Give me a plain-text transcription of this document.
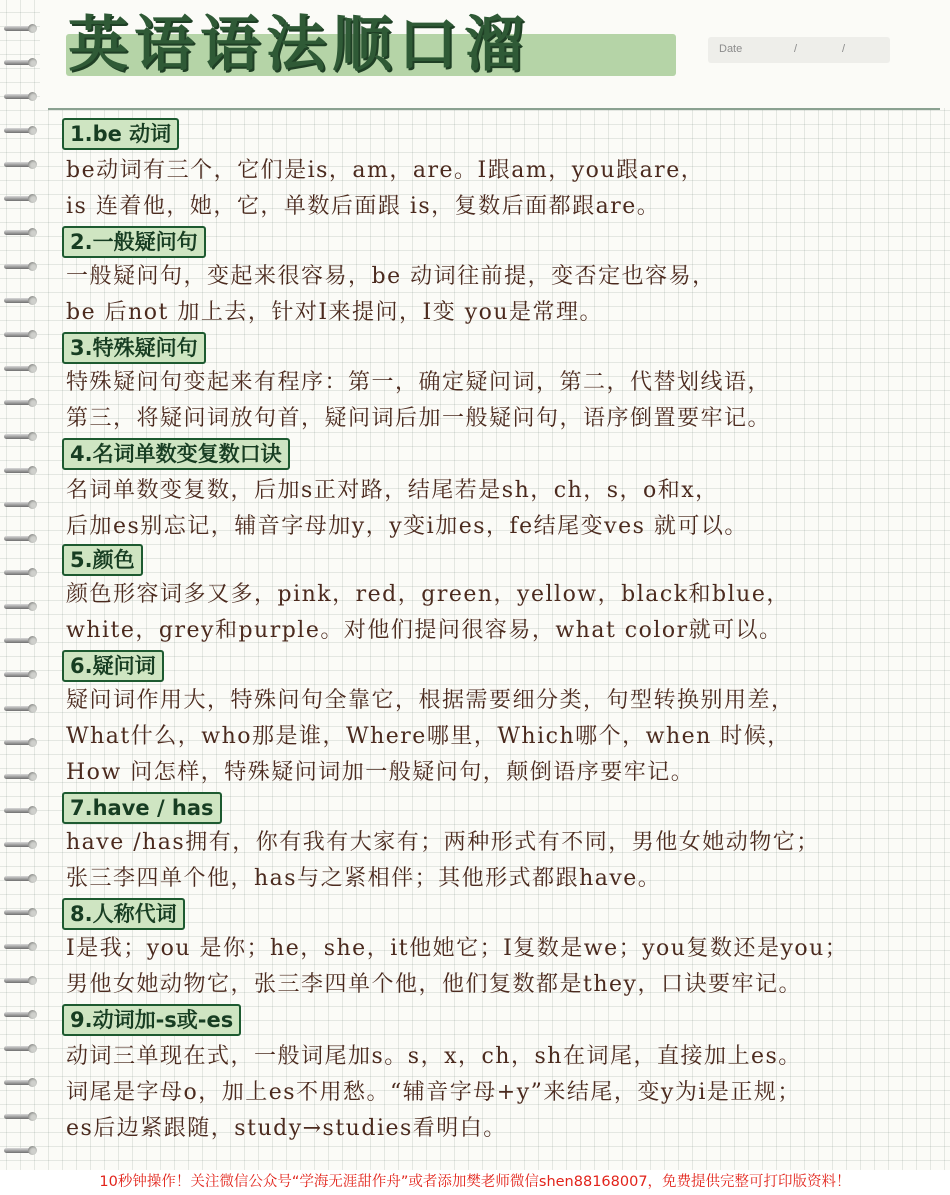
英语语法顺口溜	Date	/	/
1.be 动词
be动词有三个，它们是is，am，are。I跟am，you跟are，
is 连着他，她，它，单数后面跟 is，复数后面都跟are。
2.一般疑问句
一般疑问句，变起来很容易，be 动词往前提，变否定也容易，
be 后not 加上去，针对I来提问，I变 you是常理。
3.特殊疑问句
特殊疑问句变起来有程序：第一，确定疑问词，第二，代替划线语，
第三，将疑问词放句首，疑问词后加一般疑问句，语序倒置要牢记。
4.名词单数变复数口诀
名词单数变复数，后加s正对路，结尾若是sh，ch，s，o和x，
后加es别忘记，辅音字母加y，y变i加es，fe结尾变ves 就可以。
5.颜色
颜色形容词多又多，pink，red，green，yellow，black和blue，
white，grey和purple。对他们提问很容易，what color就可以。
6.疑问词
疑问词作用大，特殊问句全靠它，根据需要细分类，句型转换别用差，
What什么，who那是谁，Where哪里，Which哪个，when 时候，
How 问怎样，特殊疑问词加一般疑问句，颠倒语序要牢记。
7.have / has
have /has拥有，你有我有大家有；两种形式有不同，男他女她动物它；
张三李四单个他，has与之紧相伴；其他形式都跟have。
8.人称代词
I是我；you 是你；he，she，it他她它；I复数是we；you复数还是you；
男他女她动物它，张三李四单个他，他们复数都是they，口诀要牢记。
9.动词加-s或-es
动词三单现在式，一般词尾加s。s，x，ch，sh在词尾，直接加上es。
词尾是字母o，加上es不用愁。“辅音字母+y”来结尾，变y为i是正规；
es后边紧跟随，study→studies看明白。
10秒钟操作！关注微信公众号“学海无涯甜作舟”或者添加樊老师微信shen88168007，免费提供完整可打印版资料！
